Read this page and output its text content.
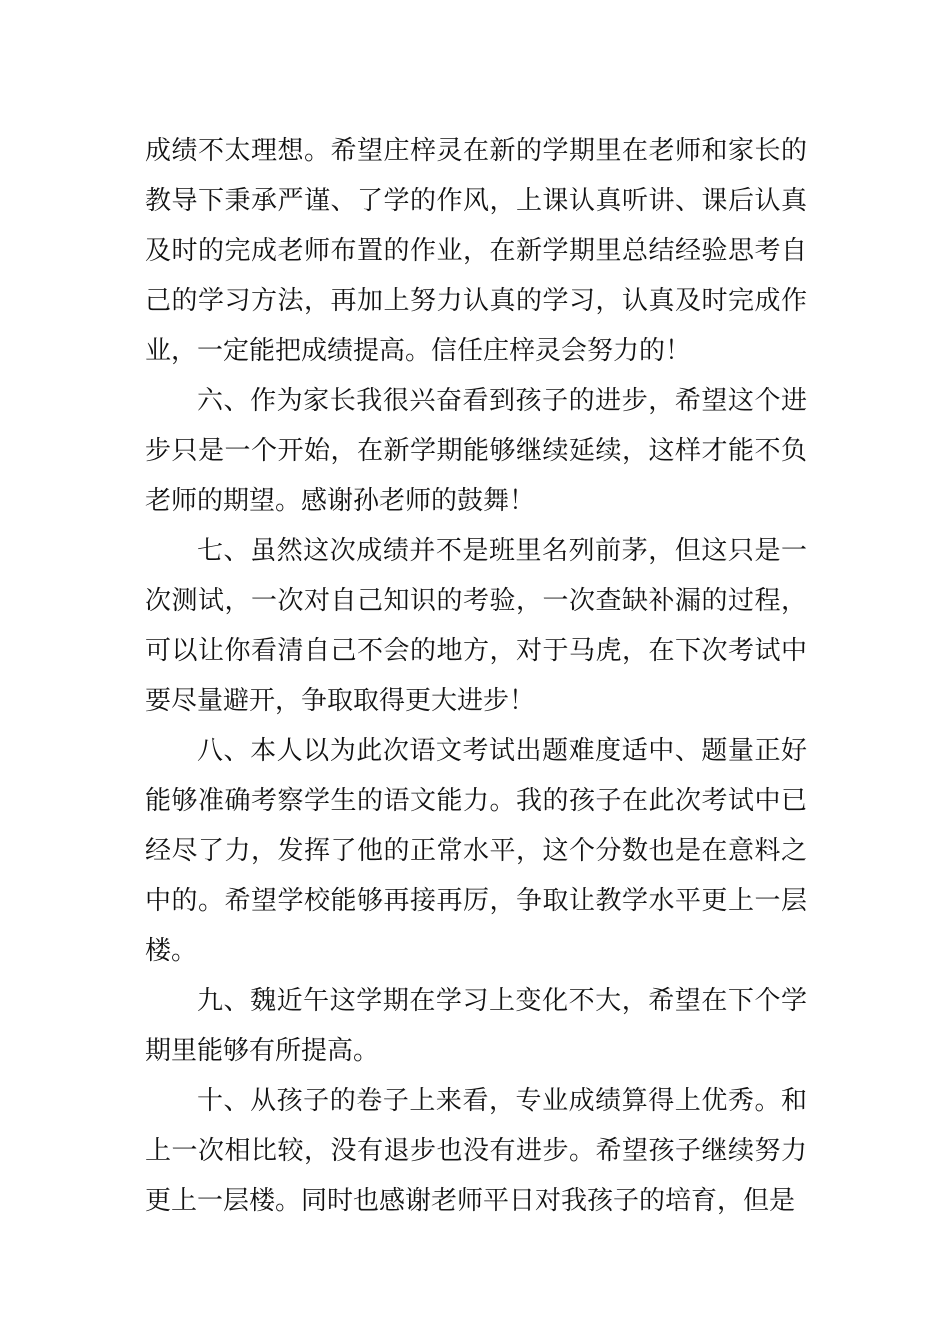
成绩不太理想。希望庄梓灵在新的学期里在老师和家长的教导下秉承严谨、了学的作风，上课认真听讲、课后认真及时的完成老师布置的作业，在新学期里总结经验思考自己的学习方法，再加上努力认真的学习，认真及时完成作业，一定能把成绩提高。信任庄梓灵会努力的！

六、作为家长我很兴奋看到孩子的进步，希望这个进步只是一个开始，在新学期能够继续延续，这样才能不负老师的期望。感谢孙老师的鼓舞！

七、虽然这次成绩并不是班里名列前茅，但这只是一次测试，一次对自己知识的考验，一次查缺补漏的过程，可以让你看清自己不会的地方，对于马虎，在下次考试中要尽量避开，争取取得更大进步！

八、本人以为此次语文考试出题难度适中、题量正好能够准确考察学生的语文能力。我的孩子在此次考试中已经尽了力，发挥了他的正常水平，这个分数也是在意料之中的。希望学校能够再接再厉，争取让教学水平更上一层楼。

九、魏近午这学期在学习上变化不大，希望在下个学期里能够有所提高。

十、从孩子的卷子上来看，专业成绩算得上优秀。和上一次相比较，没有退步也没有进步。希望孩子继续努力更上一层楼。同时也感谢老师平日对我孩子的培育，但是
